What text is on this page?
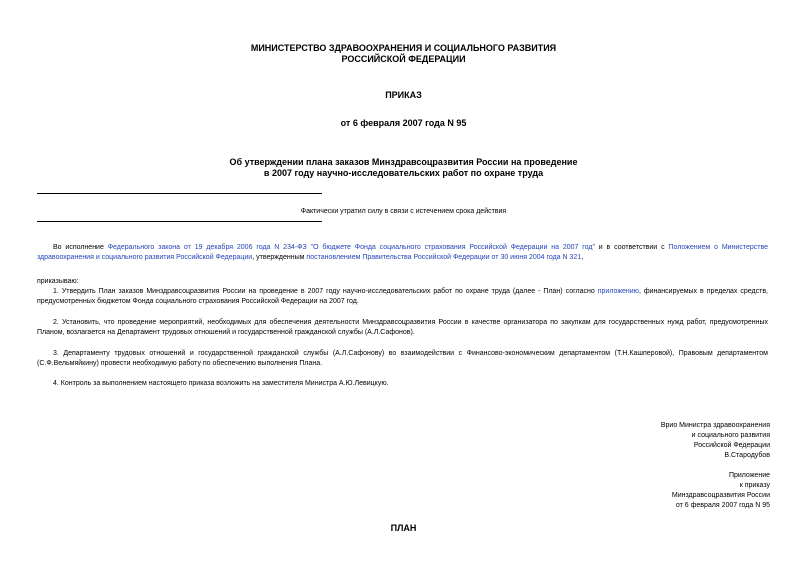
МИНИСТЕРСТВО ЗДРАВООХРАНЕНИЯ И СОЦИАЛЬНОГО РАЗВИТИЯ
РОССИЙСКОЙ ФЕДЕРАЦИИ
ПРИКАЗ
от 6 февраля 2007 года N 95
Об утверждении плана заказов Минздравсоцразвития России на проведение
в 2007 году научно-исследовательских работ по охране труда
Фактически утратил силу в связи с истечением срока действия
Во исполнение Федерального закона от 19 декабря 2006 года N 234-ФЗ "О бюджете Фонда социального страхования Российской Федерации на 2007 год" и в соответствии с Положением о Министерстве здравоохранения и социального развития Российской Федерации, утвержденным постановлением Правительства Российской Федерации от 30 июня 2004 года N 321,
приказываю:
1. Утвердить План заказов Минздравсоцразвития России на проведение в 2007 году научно-исследовательских работ по охране труда (далее - План) согласно приложению, финансируемых в пределах средств, предусмотренных бюджетом Фонда социального страхования Российской Федерации на 2007 год.
2. Установить, что проведение мероприятий, необходимых для обеспечения деятельности Минздравсоцразвития России в качестве организатора по закупкам для государственных нужд работ, предусмотренных Планом, возлагается на Департамент трудовых отношений и государственной гражданской службы (А.Л.Сафонов).
3. Департаменту трудовых отношений и государственной гражданской службы (А.Л.Сафонову) во взаимодействии с Финансово-экономическим департаментом (Т.Н.Кашперовой), Правовым департаментом (С.Ф.Вельмяйкину) провести необходимую работу по обеспечению выполнения Плана.
4. Контроль за выполнением настоящего приказа возложить на заместителя Министра А.Ю.Левицкую.
Врио Министра здравоохранения
и социального развития
Российской Федерации
В.Стародубов
Приложение
к приказу
Минздравсоцразвития России
от 6 февраля 2007 года N 95
ПЛАН
